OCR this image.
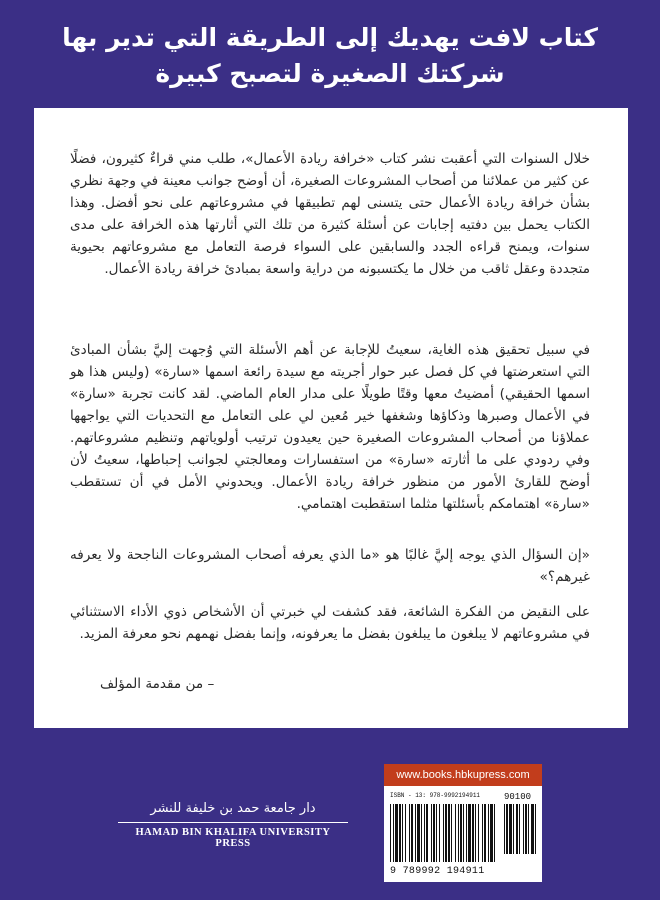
كتاب لافت يهديك إلى الطريقة التي تدير بها
شركتك الصغيرة لتصبح كبيرة

خلال السنوات التي أعقبت نشر كتاب «خرافة ريادة الأعمال»، طلب مني قراءٌ كثيرون، فضلًا عن كثير من عملائنا من أصحاب المشروعات الصغيرة، أن أوضح جوانب معينة في وجهة نظري بشأن خرافة ريادة الأعمال حتى يتسنى لهم تطبيقها في مشروعاتهم على نحو أفضل. وهذا الكتاب يحمل بين دفتيه إجابات عن أسئلة كثيرة من تلك التي أثارتها هذه الخرافة على مدى سنوات، ويمنح قراءه الجدد والسابقين على السواء فرصة التعامل مع مشروعاتهم بحيوية متجددة وعقل ثاقب من خلال ما يكتسبونه من دراية واسعة بمبادئ خرافة ريادة الأعمال.

في سبيل تحقيق هذه الغاية، سعيتُ للإجابة عن أهم الأسئلة التي وُجهت إليَّ بشأن المبادئ التي استعرضتها في كل فصل عبر حوار أجريته مع سيدة رائعة اسمها «سارة» (وليس هذا هو اسمها الحقيقي) أمضيتُ معها وقتًا طويلًا على مدار العام الماضي. لقد كانت تجربة «سارة» في الأعمال وصبرها وذكاؤها وشغفها خير مُعين لي على التعامل مع التحديات التي يواجهها عملاؤنا من أصحاب المشروعات الصغيرة حين يعيدون ترتيب أولوياتهم وتنظيم مشروعاتهم. وفي ردودي على ما أثارته «سارة» من استفسارات ومعالجتي لجوانب إحباطها، سعيتُ لأن أوضح للقارئ الأمور من منظور خرافة ريادة الأعمال. ويحدوني الأمل في أن تستقطب «سارة» اهتمامكم بأسئلتها مثلما استقطبت اهتمامي.

«إن السؤال الذي يوجه إليَّ غالبًا هو «ما الذي يعرفه أصحاب المشروعات الناجحة ولا يعرفه غيرهم؟»

على النقيض من الفكرة الشائعة، فقد كشفت لي خبرتي أن الأشخاص ذوي الأداء الاستثنائي في مشروعاتهم لا يبلغون ما يبلغون بفضل ما يعرفونه، وإنما بفضل نهمهم نحو معرفة المزيد.

– من مقدمة المؤلف
دار جامعة حمد بن خليفة للنشر
HAMAD BIN KHALIFA UNIVERSITY PRESS
www.books.hbkupress.com
ISBN - 13: 978-9992194911	90100
9 789992 194911
